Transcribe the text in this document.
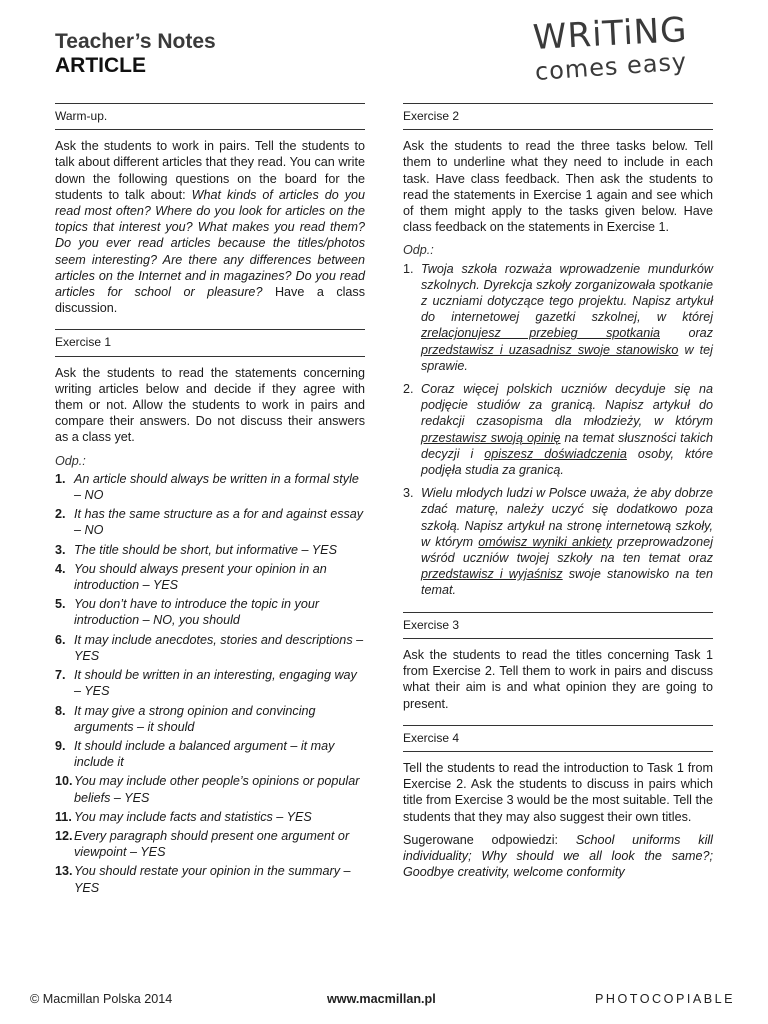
Teacher’s Notes
ARTICLE
WRiTiNG
comes easy
Warm-up.

Ask the students to work in pairs. Tell the students to talk about different articles that they read. You can write down the following questions on the board for the students to talk about: What kinds of articles do you read most often? Where do you look for articles on the topics that interest you? What makes you read them? Do you ever read articles because the titles/photos seem interesting? Are there any differences between articles on the Internet and in magazines? Do you read articles for school or pleasure? Have a class discussion.

Exercise 1

Ask the students to read the statements concerning writing articles below and decide if they agree with them or not. Allow the students to work in pairs and compare their answers. Do not discuss their answers as a class yet.

Odp.:
1. An article should always be written in a formal style – NO
2. It has the same structure as a for and against essay – NO
3. The title should be short, but informative – YES
4. You should always present your opinion in an introduction – YES
5. You don’t have to introduce the topic in your introduction – NO, you should
6. It may include anecdotes, stories and descriptions – YES
7. It should be written in an interesting, engaging way – YES
8. It may give a strong opinion and convincing arguments – it should
9. It should include a balanced argument – it may include it
10. You may include other people’s opinions or popular beliefs – YES
11. You may include facts and statistics – YES
12. Every paragraph should present one argument or viewpoint – YES
13. You should restate your opinion in the summary – YES
Exercise 2

Ask the students to read the three tasks below. Tell them to underline what they need to include in each task. Have class feedback. Then ask the students to read the statements in Exercise 1 again and see which of them might apply to the tasks given below. Have class feedback on the statements in Exercise 1.

Odp.:
1. Twoja szkoła rozważa wprowadzenie mundurków szkolnych. Dyrekcja szkoły zorganizowała spotkanie z uczniami dotyczące tego projektu. Napisz artykuł do internetowej gazetki szkolnej, w której zrelacjonujesz przebieg spotkania oraz przedstawisz i uzasadnisz swoje stanowisko w tej sprawie.
2. Coraz więcej polskich uczniów decyduje się na podjęcie studiów za granicą. Napisz artykuł do redakcji czasopisma dla młodzieży, w którym przestawisz swoją opinię na temat słuszności takich decyzji i opiszesz doświadczenia osoby, które podjęła studia za granicą.
3. Wielu młodych ludzi w Polsce uważa, że aby dobrze zdać maturę, należy uczyć się dodatkowo poza szkołą. Napisz artykuł na stronę internetową szkoły, w którym omówisz wyniki ankiety przeprowadzonej wśród uczniów twojej szkoły na ten temat oraz przedstawisz i wyjaśnisz swoje stanowisko na ten temat.
Exercise 3

Ask the students to read the titles concerning Task 1 from Exercise 2. Tell them to work in pairs and discuss what their aim is and what opinion they are going to present.

Exercise 4

Tell the students to read the introduction to Task 1 from Exercise 2. Ask the students to discuss in pairs which title from Exercise 3 would be the most suitable. Tell the students that they may also suggest their own titles.

Sugerowane odpowiedzi: School uniforms kill individuality; Why should we all look the same?; Goodbye creativity, welcome conformity

© Macmillan Polska 2014	www.macmillan.pl	PHOTOCOPIABLE
